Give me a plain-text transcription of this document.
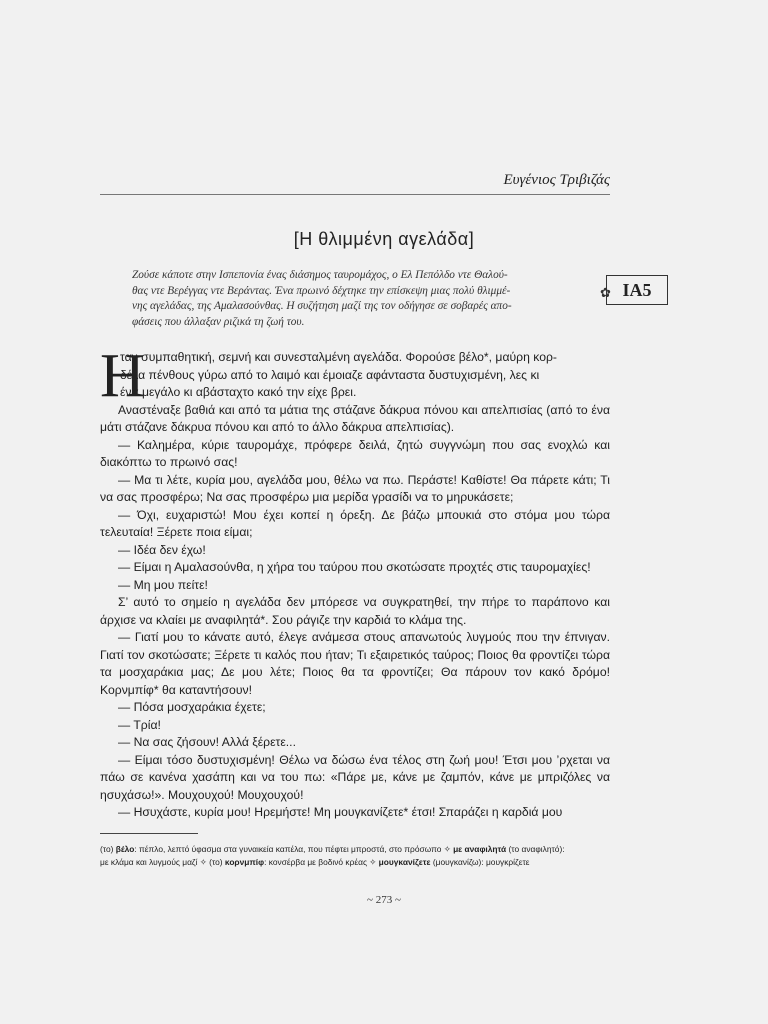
Ευγένιος Τριβιζάς
[Η θλιμμένη αγελάδα]
Ζούσε κάποτε στην Ισπεπονία ένας διάσημος ταυρομάχος, ο Ελ Πεπόλδο ντε Θαλού-
θας ντε Βερέγγας ντε Βεράντας. Ένα πρωινό δέχτηκε την επίσκεψη μιας πολύ θλιμμέ-
νης αγελάδας, της Αμαλασούνθας. Η συζήτηση μαζί της τον οδήγησε σε σοβαρές απο-
φάσεις που άλλαξαν ριζικά τη ζωή του.
✿ ΙΑ5
Η
ταν συμπαθητική, σεμνή και συνεσταλμένη αγελάδα. Φορούσε βέλο*, μαύρη κορ-
δέλα πένθους γύρω από το λαιμό και έμοιαζε αφάνταστα δυστυχισμένη, λες κι
ένα μεγάλο κι αβάσταχτο κακό την είχε βρει.

Αναστέναξε βαθιά και από τα μάτια της στάζανε δάκρυα πόνου και απελπισίας (από το ένα μάτι στάζανε δάκρυα πόνου και από το άλλο δάκρυα απελπισίας).

— Καλημέρα, κύριε ταυρομάχε, πρόφερε δειλά, ζητώ συγγνώμη που σας ενοχλώ και διακόπτω το πρωινό σας!

— Μα τι λέτε, κυρία μου, αγελάδα μου, θέλω να πω. Περάστε! Καθίστε! Θα πάρετε κάτι; Τι να σας προσφέρω; Να σας προσφέρω μια μερίδα γρασίδι να το μηρυκάσετε;

— Όχι, ευχαριστώ! Μου έχει κοπεί η όρεξη. Δε βάζω μπουκιά στο στόμα μου τώρα τελευταία! Ξέρετε ποια είμαι;

— Ιδέα δεν έχω!

— Είμαι η Αμαλασούνθα, η χήρα του ταύρου που σκοτώσατε προχτές στις ταυρομαχίες!

— Μη μου πείτε!

Σ’ αυτό το σημείο η αγελάδα δεν μπόρεσε να συγκρατηθεί, την πήρε το παράπονο και άρχισε να κλαίει με αναφιλητά*. Σου ράγιζε την καρδιά το κλάμα της.

— Γιατί μου το κάνατε αυτό, έλεγε ανάμεσα στους απανωτούς λυγμούς που την έπνιγαν. Γιατί τον σκοτώσατε; Ξέρετε τι καλός που ήταν; Τι εξαιρετικός ταύρος; Ποιος θα φροντίζει τώρα τα μοσχαράκια μας; Δε μου λέτε; Ποιος θα τα φροντίζει; Θα πάρουν τον κακό δρόμο! Κορνμπίφ* θα καταντήσουν!

— Πόσα μοσχαράκια έχετε;

— Τρία!

— Να σας ζήσουν! Αλλά ξέρετε...

— Είμαι τόσο δυστυχισμένη! Θέλω να δώσω ένα τέλος στη ζωή μου! Έτσι μου ’ρχεται να πάω σε κανένα χασάπη και να του πω: «Πάρε με, κάνε με ζαμπόν, κάνε με μπριζόλες να ησυχάσω!». Μουχουχού! Μουχουχού!

— Ησυχάστε, κυρία μου! Ηρεμήστε! Μη μουγκανίζετε* έτσι! Σπαράζει η καρδιά μου

(το) βέλο: πέπλο, λεπτό ύφασμα στα γυναικεία καπέλα, που πέφτει μπροστά, στο πρόσωπο ✧ με αναφιλητά (το αναφιλητό):

με κλάμα και λυγμούς μαζί ✧ (το) κορνμπίφ: κονσέρβα με βοδινό κρέας ✧ μουγκανίζετε (μουγκανίζω): μουγκρίζετε

~ 273 ~
